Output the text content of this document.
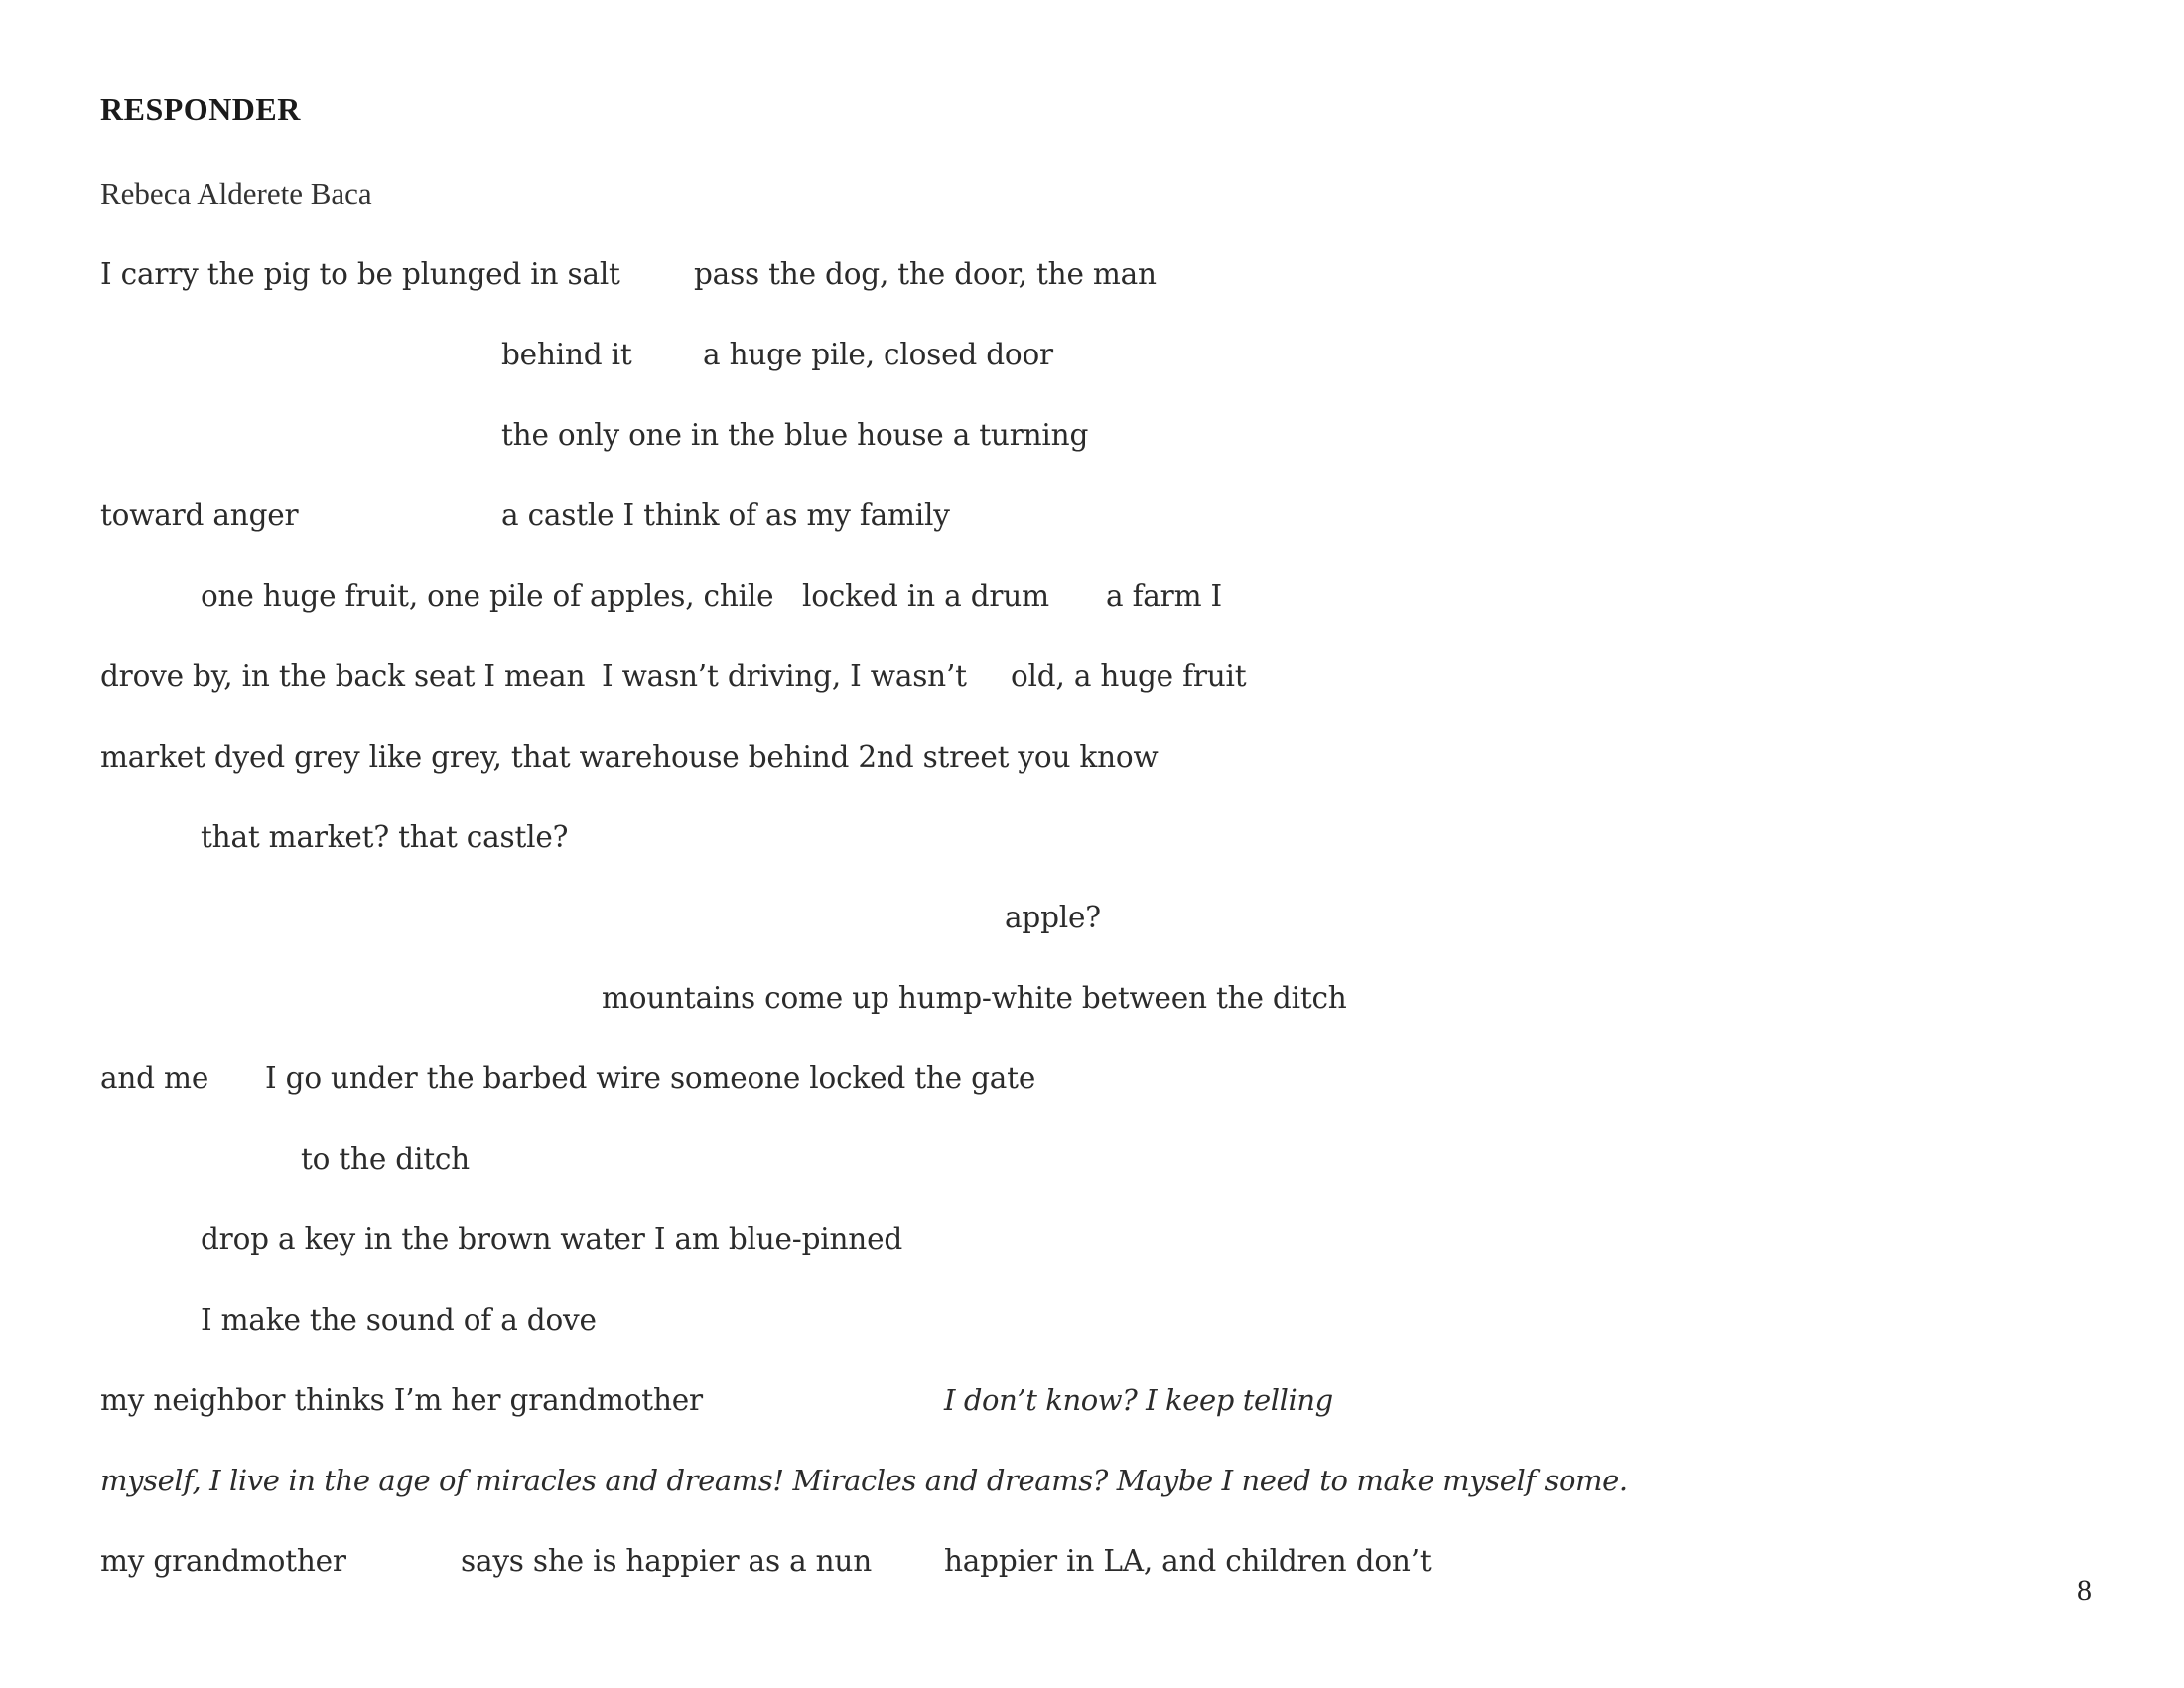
RESPONDER
Rebeca Alderete Baca
I carry the pig to be plunged in salt	pass the dog, the door, the man
behind it a huge pile, closed door
the only one in the blue house a turning
toward anger	a castle I think of as my family
one huge fruit, one pile of apples, chile locked in a drum a farm I
drove by, in the back seat I mean I wasn’t driving, I wasn’t old, a huge fruit
market dyed grey like grey, that warehouse behind 2nd street you know
that market? that castle?
apple?
mountains come up hump-white between the ditch
and me I go under the barbed wire someone locked the gate
to the ditch
drop a key in the brown water I am blue-pinned
I make the sound of a dove
my neighbor thinks I’m her grandmother	I don’t know? I keep telling
myself, I live in the age of miracles and dreams! Miracles and dreams? Maybe I need to make myself some.
my grandmother	says she is happier as a nun happier in LA, and children don’t
8
